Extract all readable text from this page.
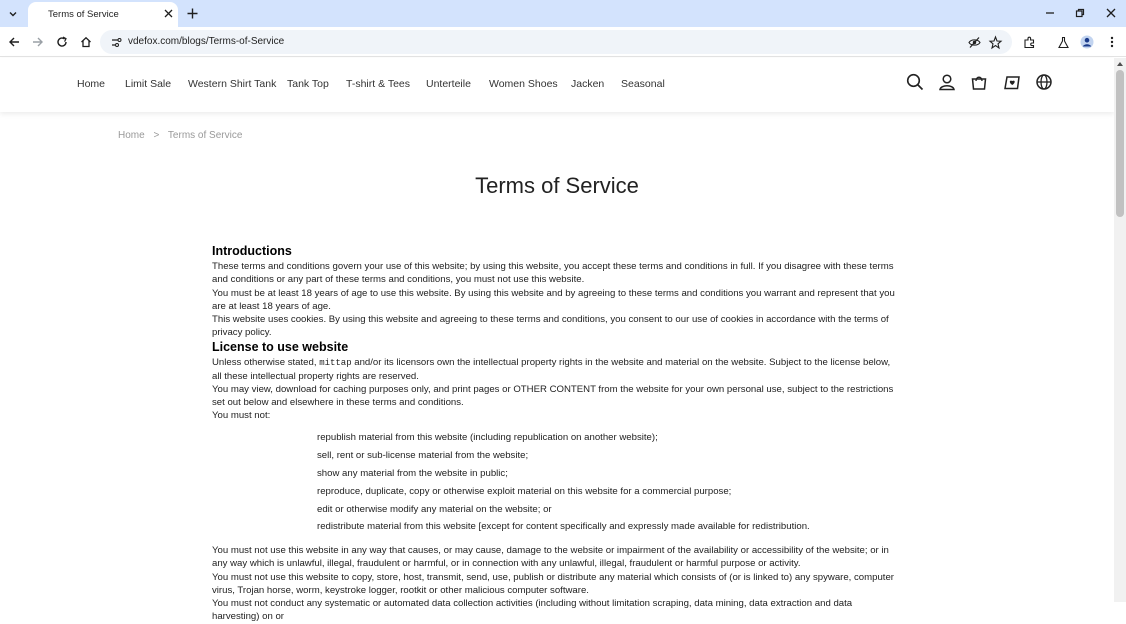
Terms of Service
vdefox.com/blogs/Terms-of-Service
Home Limit Sale Western Shirt Tank Tank Top T-shirt & Tees Unterteile Women Shoes Jacken Seasonal
Home > Terms of Service
Terms of Service
Introductions
These terms and conditions govern your use of this website; by using this website, you accept these terms and conditions in full. If you disagree with these terms and conditions or any part of these terms and conditions, you must not use this website.
You must be at least 18 years of age to use this website. By using this website and by agreeing to these terms and conditions you warrant and represent that you are at least 18 years of age.
This website uses cookies. By using this website and agreeing to these terms and conditions, you consent to our use of cookies in accordance with the terms of privacy policy.
License to use website
Unless otherwise stated, mittap and/or its licensors own the intellectual property rights in the website and material on the website. Subject to the license below, all these intellectual property rights are reserved.
You may view, download for caching purposes only, and print pages or OTHER CONTENT from the website for your own personal use, subject to the restrictions set out below and elsewhere in these terms and conditions.
You must not:
republish material from this website (including republication on another website);
sell, rent or sub-license material from the website;
show any material from the website in public;
reproduce, duplicate, copy or otherwise exploit material on this website for a commercial purpose;
edit or otherwise modify any material on the website; or
redistribute material from this website [except for content specifically and expressly made available for redistribution.
You must not use this website in any way that causes, or may cause, damage to the website or impairment of the availability or accessibility of the website; or in any way which is unlawful, illegal, fraudulent or harmful, or in connection with any unlawful, illegal, fraudulent or harmful purpose or activity.
You must not use this website to copy, store, host, transmit, send, use, publish or distribute any material which consists of (or is linked to) any spyware, computer virus, Trojan horse, worm, keystroke logger, rootkit or other malicious computer software.
You must not conduct any systematic or automated data collection activities (including without limitation scraping, data mining, data extraction and data harvesting) on or
